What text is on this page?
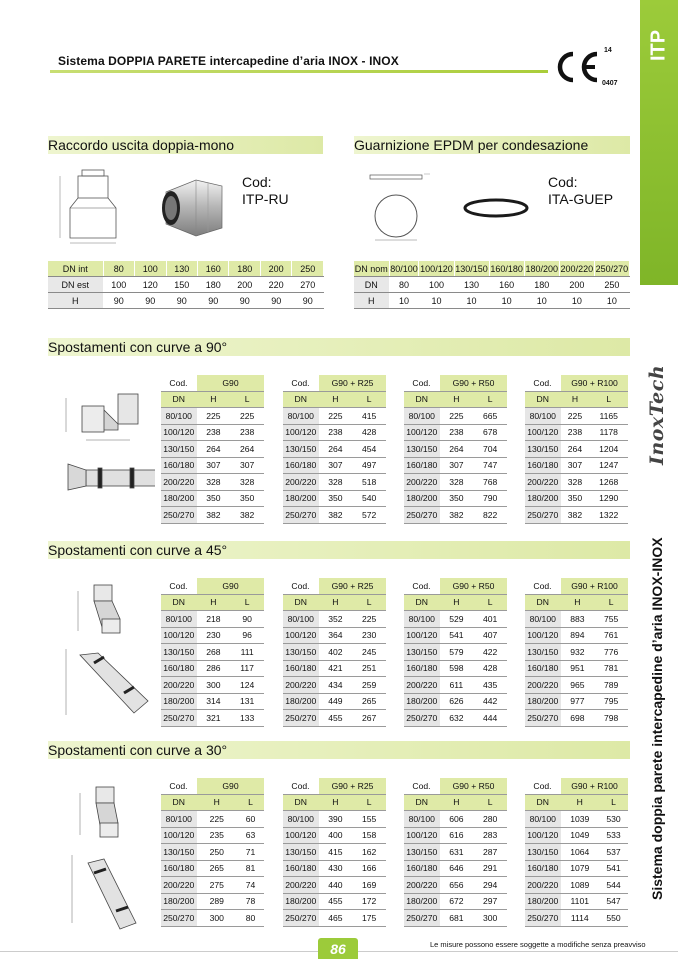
Sistema DOPPIA PARETE intercapedine d’aria INOX - INOX
14
0407
ITP
InoxTech
Sistema doppia parete intercapedine d’aria INOX-INOX
Raccordo uscita doppia-mono
Cod:
ITP-RU
DN int	80	100	130	160	180	200	250
DN est	100	120	150	180	200	220	270
H	90	90	90	90	90	90	90
Guarnizione EPDM per condesazione
Cod:
ITA-GUEP
DN nom	80/100	100/120	130/150	160/180	180/200	200/220	250/270
DN	80	100	130	160	180	200	250
H	10	10	10	10	10	10	10
Spostamenti con curve a 90°
Spostamenti con curve a 45°
Spostamenti con curve a 30°
Cod.	G90	
DN	H	L
80/100	225	225
100/120	238	238
130/150	264	264
160/180	307	307
200/220	328	328
180/200	350	350
250/270	382	382
Cod.	G90 + R25	
DN	H	L
80/100	225	415
100/120	238	428
130/150	264	454
160/180	307	497
200/220	328	518
180/200	350	540
250/270	382	572
Cod.	G90 + R50	
DN	H	L
80/100	225	665
100/120	238	678
130/150	264	704
160/180	307	747
200/220	328	768
180/200	350	790
250/270	382	822
Cod.	G90 + R100	
DN	H	L
80/100	225	1165
100/120	238	1178
130/150	264	1204
160/180	307	1247
200/220	328	1268
180/200	350	1290
250/270	382	1322
Cod.	G90	
DN	H	L
80/100	218	90
100/120	230	96
130/150	268	111
160/180	286	117
200/220	300	124
180/200	314	131
250/270	321	133
Cod.	G90 + R25	
DN	H	L
80/100	352	225
100/120	364	230
130/150	402	245
160/180	421	251
200/220	434	259
180/200	449	265
250/270	455	267
Cod.	G90 + R50	
DN	H	L
80/100	529	401
100/120	541	407
130/150	579	422
160/180	598	428
200/220	611	435
180/200	626	442
250/270	632	444
Cod.	G90 + R100	
DN	H	L
80/100	883	755
100/120	894	761
130/150	932	776
160/180	951	781
200/220	965	789
180/200	977	795
250/270	698	798
Cod.	G90	
DN	H	L
80/100	225	60
100/120	235	63
130/150	250	71
160/180	265	81
200/220	275	74
180/200	289	78
250/270	300	80
Cod.	G90 + R25	
DN	H	L
80/100	390	155
100/120	400	158
130/150	415	162
160/180	430	166
200/220	440	169
180/200	455	172
250/270	465	175
Cod.	G90 + R50	
DN	H	L
80/100	606	280
100/120	616	283
130/150	631	287
160/180	646	291
200/220	656	294
180/200	672	297
250/270	681	300
Cod.	G90 + R100	
DN	H	L
80/100	1039	530
100/120	1049	533
130/150	1064	537
160/180	1079	541
200/220	1089	544
180/200	1101	547
250/270	1114	550
86	Le misure possono essere soggette a modifiche senza preavviso
